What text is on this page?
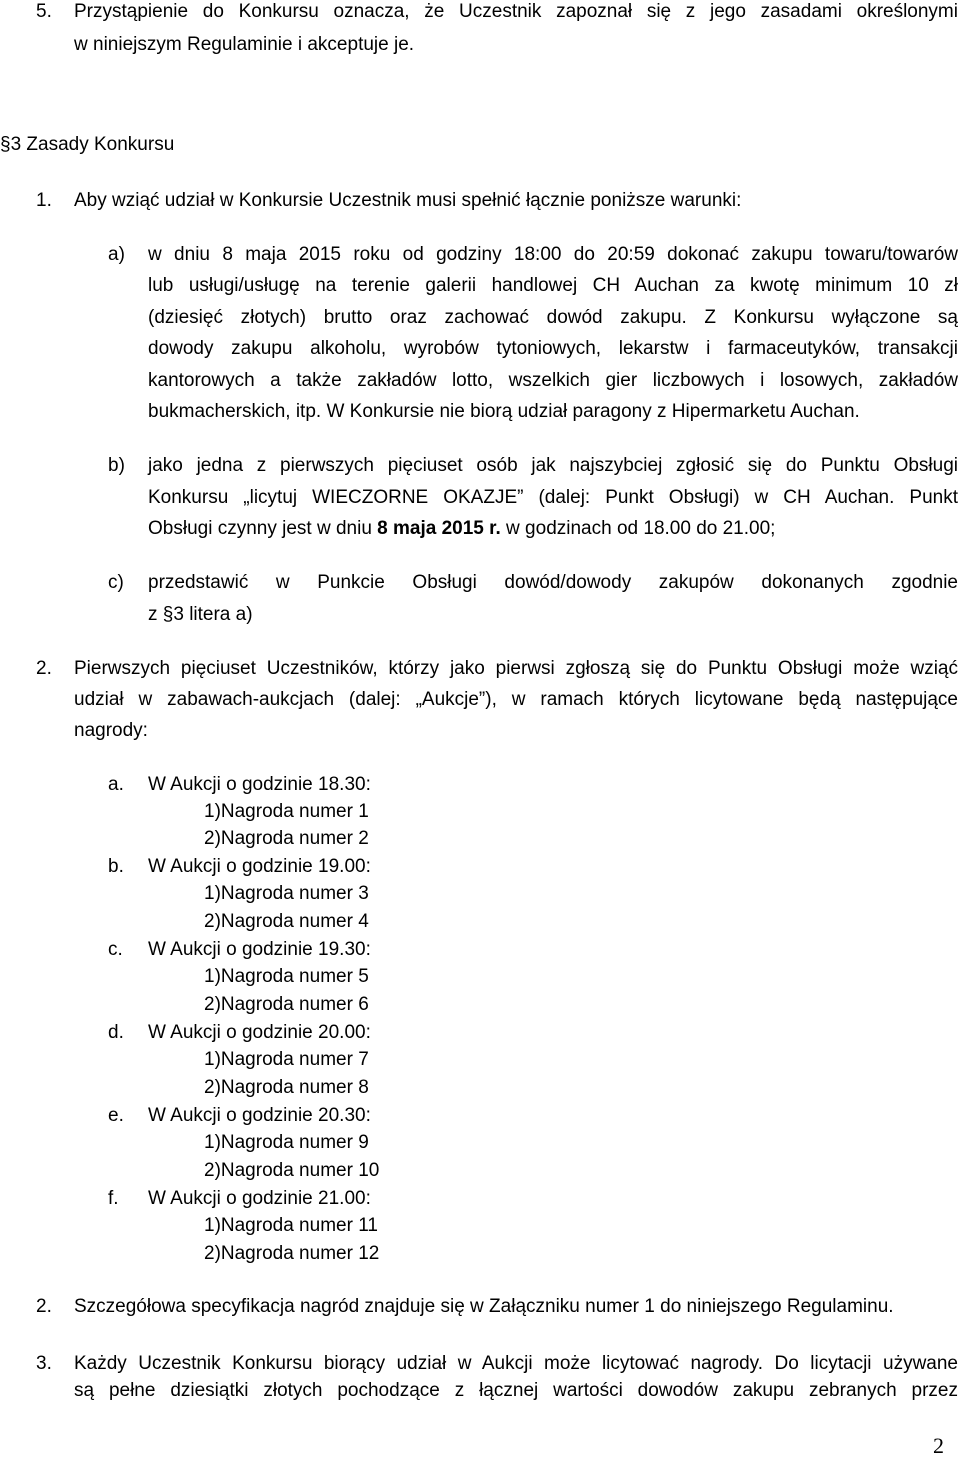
5. Przystąpienie do Konkursu oznacza, że Uczestnik zapoznał się z jego zasadami określonymi
w niniejszym Regulaminie i akceptuje je.
§3 Zasady Konkursu
1. Aby wziąć udział w Konkursie Uczestnik musi spełnić łącznie poniższe warunki:
a) w dniu 8 maja 2015 roku od godziny 18:00 do 20:59 dokonać zakupu towaru/towarów
lub usługi/usługę na terenie galerii handlowej CH Auchan za kwotę minimum 10 zł
(dziesięć złotych) brutto oraz zachować dowód zakupu. Z Konkursu wyłączone są
dowody zakupu alkoholu, wyrobów tytoniowych, lekarstw i farmaceutyków, transakcji
kantorowych a także zakładów lotto, wszelkich gier liczbowych i losowych, zakładów
bukmacherskich, itp. W Konkursie nie biorą udział paragony z Hipermarketu Auchan.
b) jako jedna z pierwszych pięciuset osób jak najszybciej zgłosić się do Punktu Obsługi
Konkursu „licytuj WIECZORNE OKAZJE” (dalej: Punkt Obsługi) w CH Auchan. Punkt
Obsługi czynny jest w dniu 8 maja 2015 r. w godzinach od 18.00 do 21.00;
c) przedstawić w Punkcie Obsługi dowód/dowody zakupów dokonanych zgodnie
z §3 litera a)
2. Pierwszych pięciuset Uczestników, którzy jako pierwsi zgłoszą się do Punktu Obsługi może wziąć
udział w zabawach-aukcjach (dalej: „Aukcje”), w ramach których licytowane będą następujące
nagrody:
a. W Aukcji o godzinie 18.30:
1)Nagroda numer 1
2)Nagroda numer 2
b. W Aukcji o godzinie 19.00:
1)Nagroda numer 3
2)Nagroda numer 4
c. W Aukcji o godzinie 19.30:
1)Nagroda numer 5
2)Nagroda numer 6
d. W Aukcji o godzinie 20.00:
1)Nagroda numer 7
2)Nagroda numer 8
e. W Aukcji o godzinie 20.30:
1)Nagroda numer 9
2)Nagroda numer 10
f. W Aukcji o godzinie 21.00:
1)Nagroda numer 11
2)Nagroda numer 12
2. Szczegółowa specyfikacja nagród znajduje się w Załączniku numer 1 do niniejszego Regulaminu.
3. Każdy Uczestnik Konkursu biorący udział w Aukcji może licytować nagrody. Do licytacji używane
są pełne dziesiątki złotych pochodzące z łącznej wartości dowodów zakupu zebranych przez
2
